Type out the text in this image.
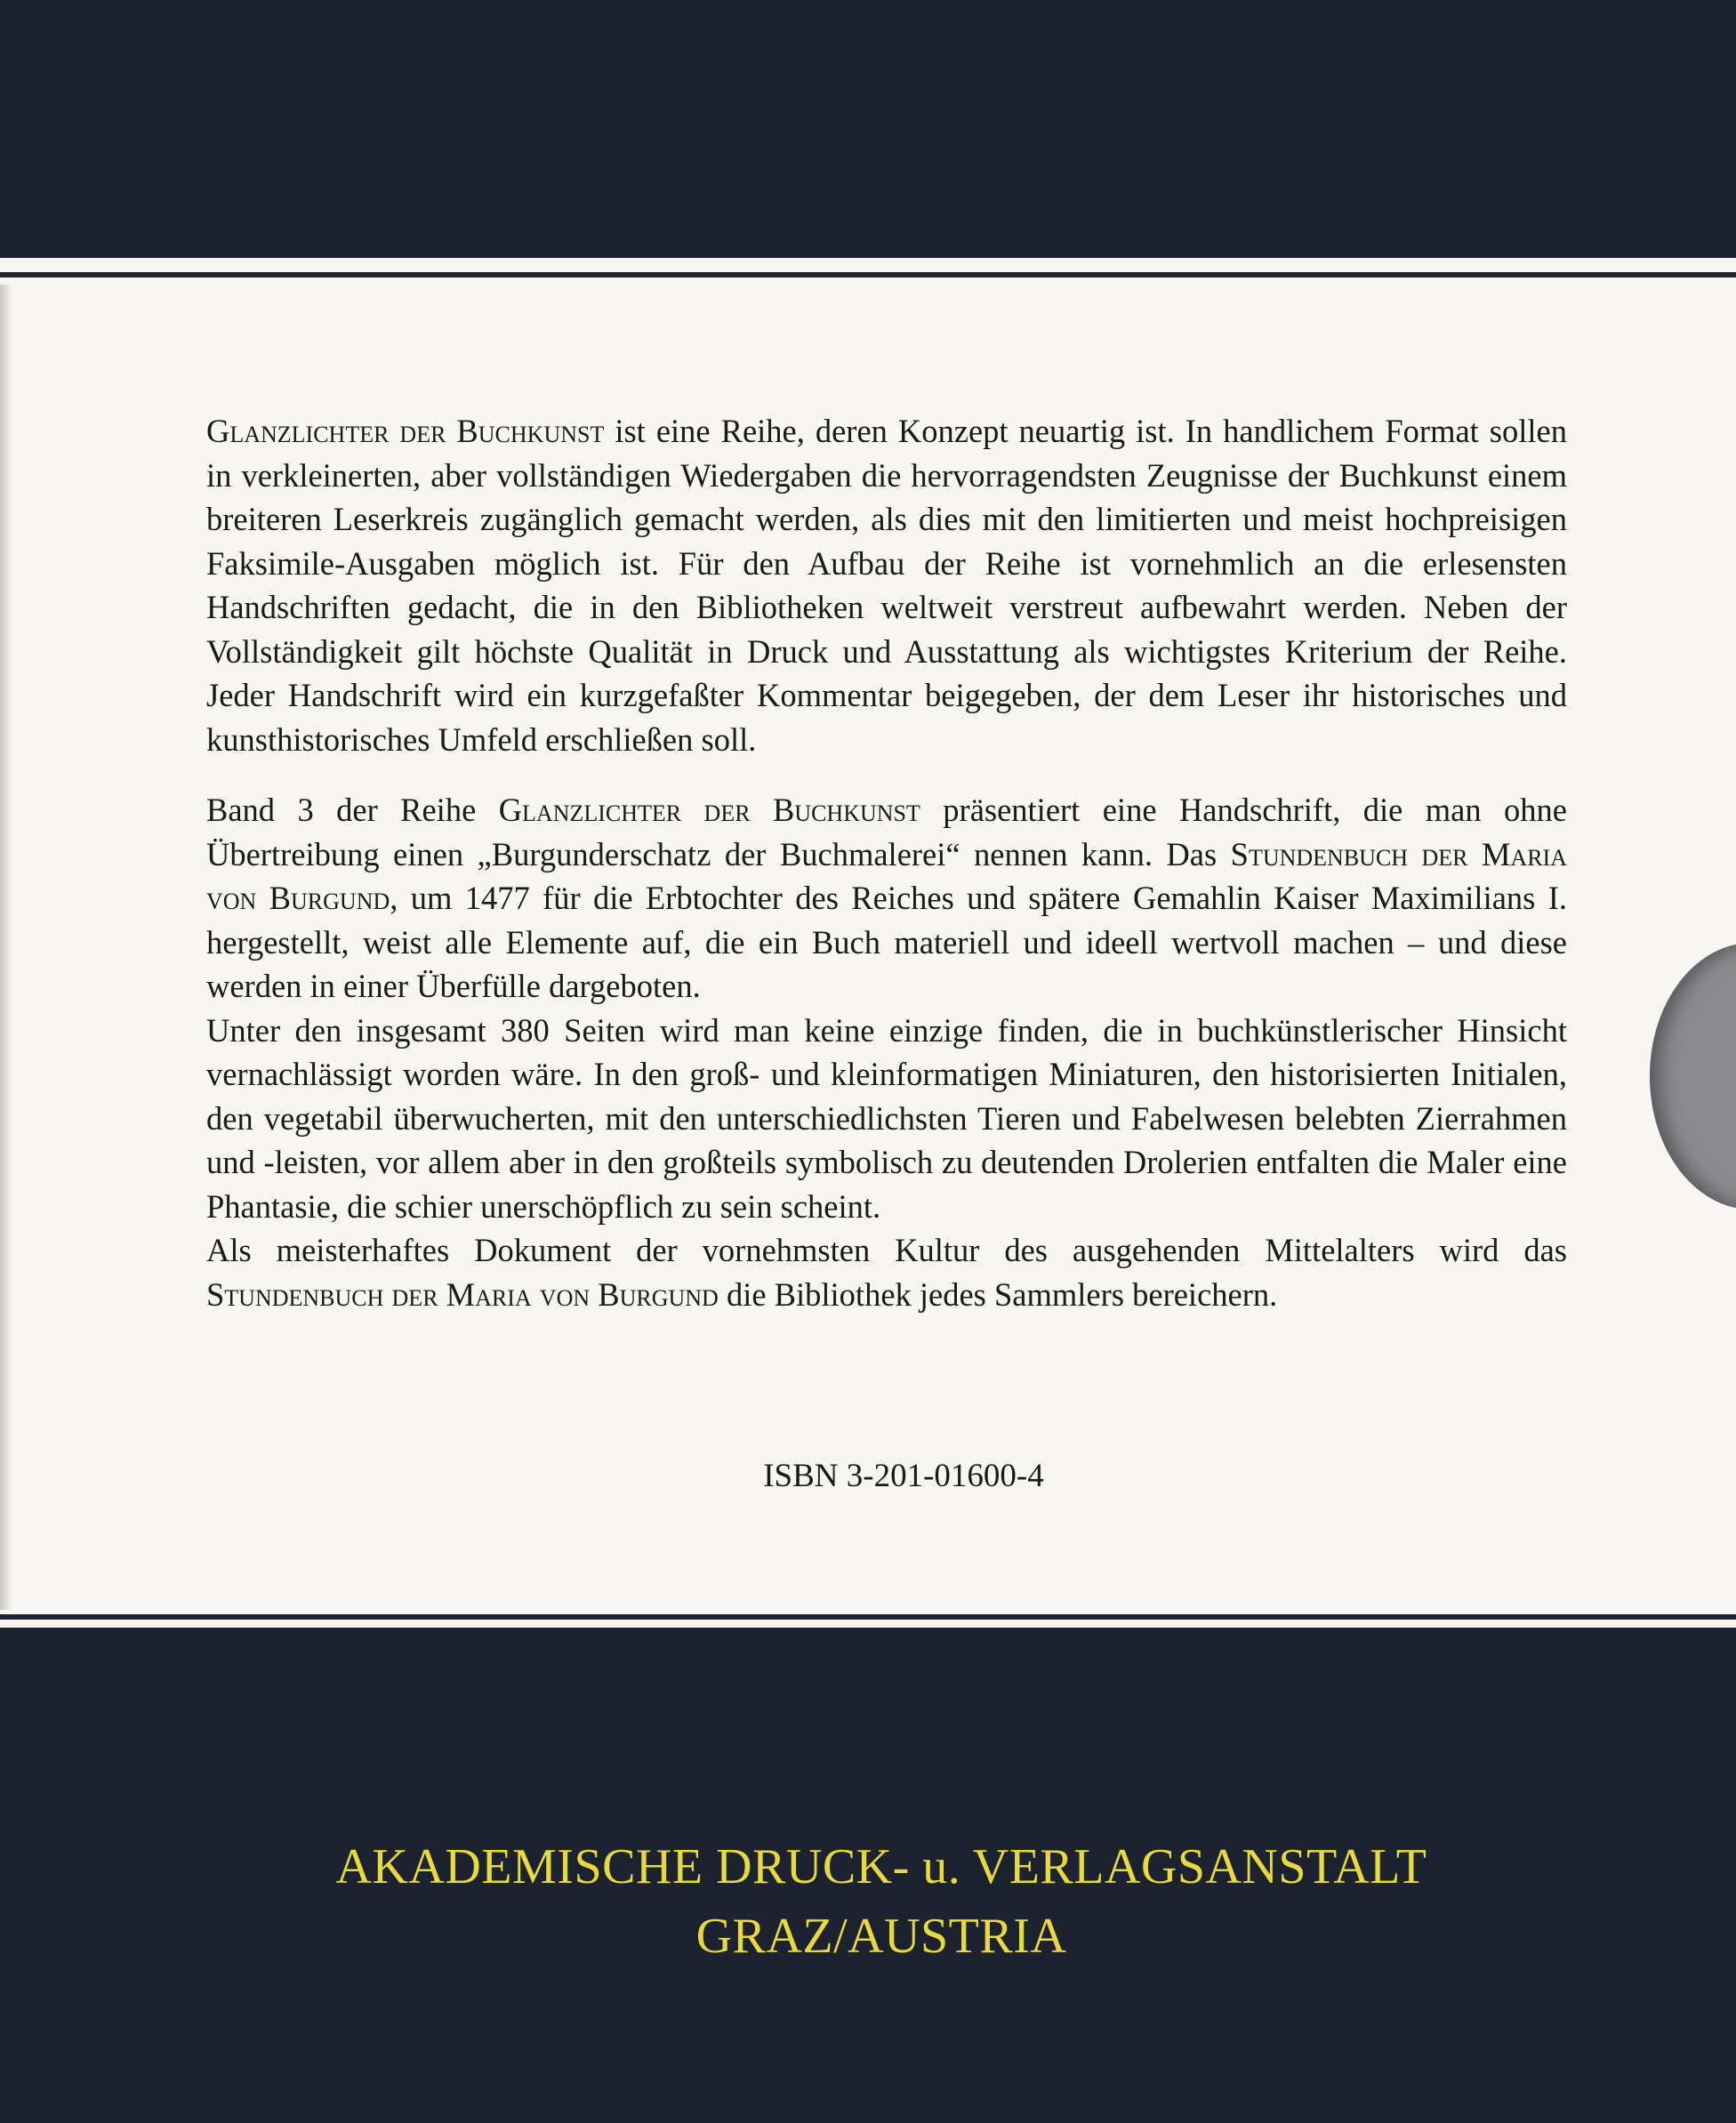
Glanzlichter der Buchkunst ist eine Reihe, deren Konzept neuartig ist. In handlichem Format sollen in verkleinerten, aber vollständigen Wiedergaben die hervorragendsten Zeugnisse der Buchkunst einem breiteren Leserkreis zugänglich gemacht werden, als dies mit den limitierten und meist hochpreisigen Faksimile-Ausgaben möglich ist. Für den Aufbau der Reihe ist vornehmlich an die erlesensten Handschriften gedacht, die in den Bibliotheken weltweit verstreut aufbewahrt werden. Neben der Vollständigkeit gilt höchste Qualität in Druck und Ausstattung als wichtigstes Kriterium der Reihe. Jeder Handschrift wird ein kurzgefaßter Kommentar beigegeben, der dem Leser ihr historisches und kunsthistorisches Umfeld erschließen soll.

Band 3 der Reihe Glanzlichter der Buchkunst präsentiert eine Handschrift, die man ohne Übertreibung einen „Burgunderschatz der Buchmalerei“ nennen kann. Das Stundenbuch der Maria von Burgund, um 1477 für die Erbtochter des Reiches und spätere Gemahlin Kaiser Maximilians I. hergestellt, weist alle Elemente auf, die ein Buch materiell und ideell wertvoll machen – und diese werden in einer Überfülle dargeboten.

Unter den insgesamt 380 Seiten wird man keine einzige finden, die in buchkünstlerischer Hinsicht vernachlässigt worden wäre. In den groß- und kleinformatigen Miniaturen, den historisierten Initialen, den vegetabil überwucherten, mit den unterschiedlichsten Tieren und Fabelwesen belebten Zierrahmen und -leisten, vor allem aber in den großteils symbolisch zu deutenden Drolerien entfalten die Maler eine Phantasie, die schier unerschöpflich zu sein scheint.

Als meisterhaftes Dokument der vornehmsten Kultur des ausgehenden Mittelalters wird das Stundenbuch der Maria von Burgund die Bibliothek jedes Sammlers bereichern.

ISBN 3-201-01600-4
AKADEMISCHE DRUCK- u. VERLAGSANSTALT
GRAZ/AUSTRIA
